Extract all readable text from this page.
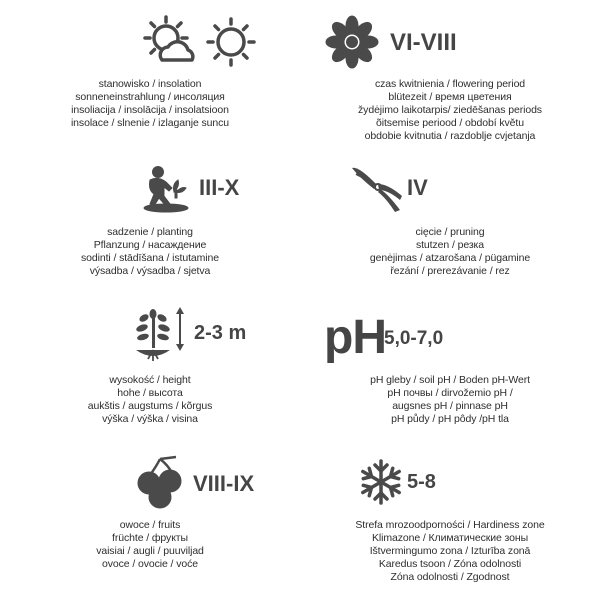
stanowisko / insolation
sonneneinstrahlung / инсоляция
insoliacija / insolācija / insolatsioon
insolace / slnenie / izlaganje suncu
VI-VIII
czas kwitnienia / flowering period
blütezeit / время цветения
žydėjimo laikotarpis/ ziedēšanas periods
õitsemise periood / období květu
obdobie kvitnutia / razdoblje cvjetanja
III-X
sadzenie / planting
Pflanzung / насаждение
sodinti / stādīšana / istutamine
výsadba / výsadba / sjetva
IV
cięcie / pruning
stutzen / резка
genėjimas / atzarošana / pügamine
řezání / prerezávanie / rez
2-3 m
wysokość / height
hohe / высота
aukštis / augstums / kõrgus
výška / výška / visina
pH
5,0-7,0
pH gleby / soil pH / Boden pH-Wert
pH почвы / dirvožemio pH /
augsnes pH / pinnase pH
pH půdy / pH pôdy /pH tla
VIII-IX
owoce / fruits
früchte / фрукты
vaisiai / augli / puuviljad
ovoce / ovocie / voće
5-8
Strefa mrozoodporności / Hardiness zone
Klimazone / Климатические зоны
Ištvermingumo zona / Izturība zonā
Karedus tsoon / Zóna odolnosti
Zóna odolnosti / Zgodnost
